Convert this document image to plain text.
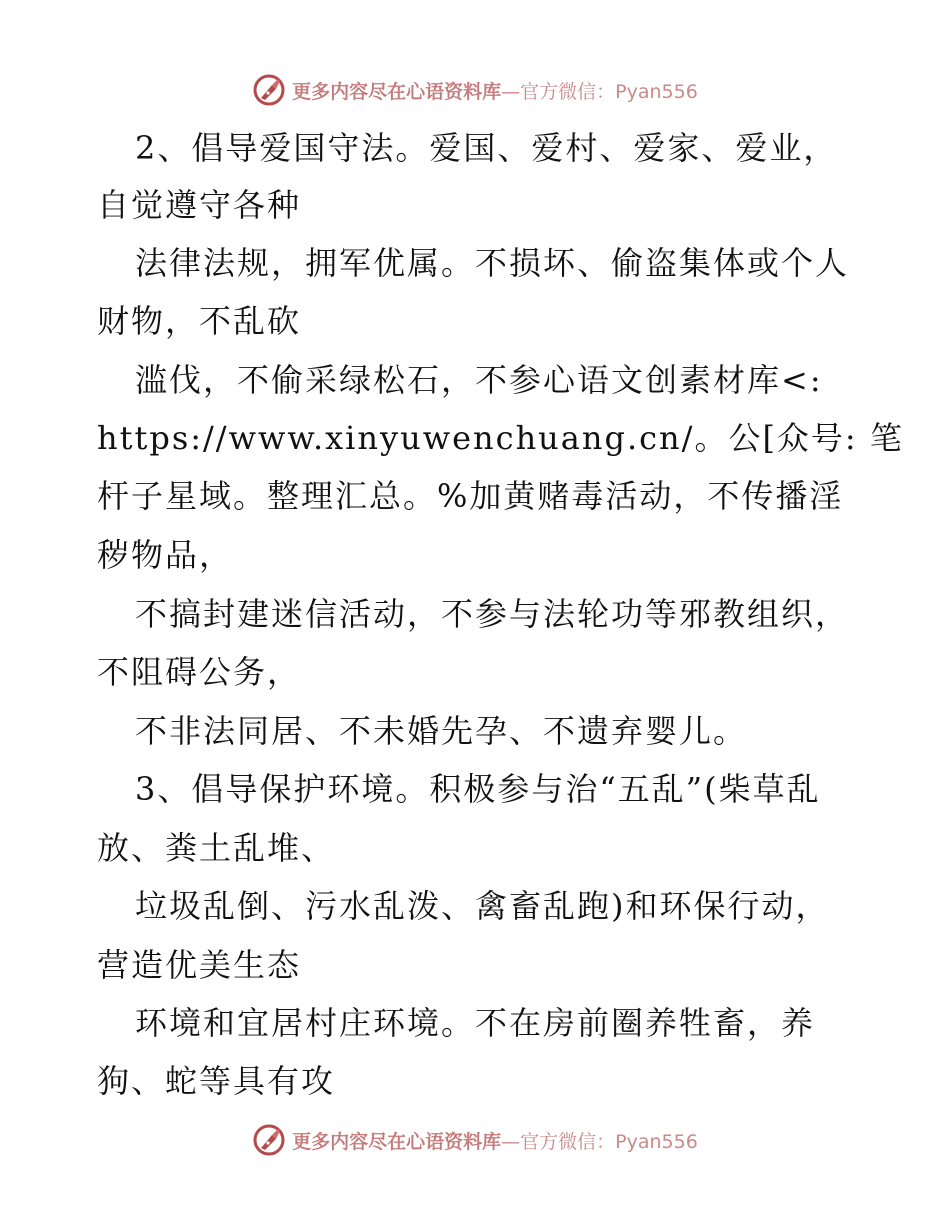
更多内容尽在心语资料库—官方微信：Pyan556
2、倡导爱国守法。爱国、爱村、爱家、爱业，
自觉遵守各种
法律法规，拥军优属。不损坏、偷盗集体或个人
财物，不乱砍
滥伐，不偷采绿松石，不参心语文创素材库<:
https://www.xinyuwenchuang.cn/。公[众号: 笔
杆子星域。整理汇总。%加黄赌毒活动，不传播淫
秽物品，
不搞封建迷信活动，不参与法轮功等邪教组织，
不阻碍公务，
不非法同居、不未婚先孕、不遗弃婴儿。
3、倡导保护环境。积极参与治“五乱”(柴草乱
放、粪土乱堆、
垃圾乱倒、污水乱泼、禽畜乱跑)和环保行动，
营造优美生态
环境和宜居村庄环境。不在房前圈养牲畜，养
狗、蛇等具有攻
更多内容尽在心语资料库—官方微信：Pyan556
